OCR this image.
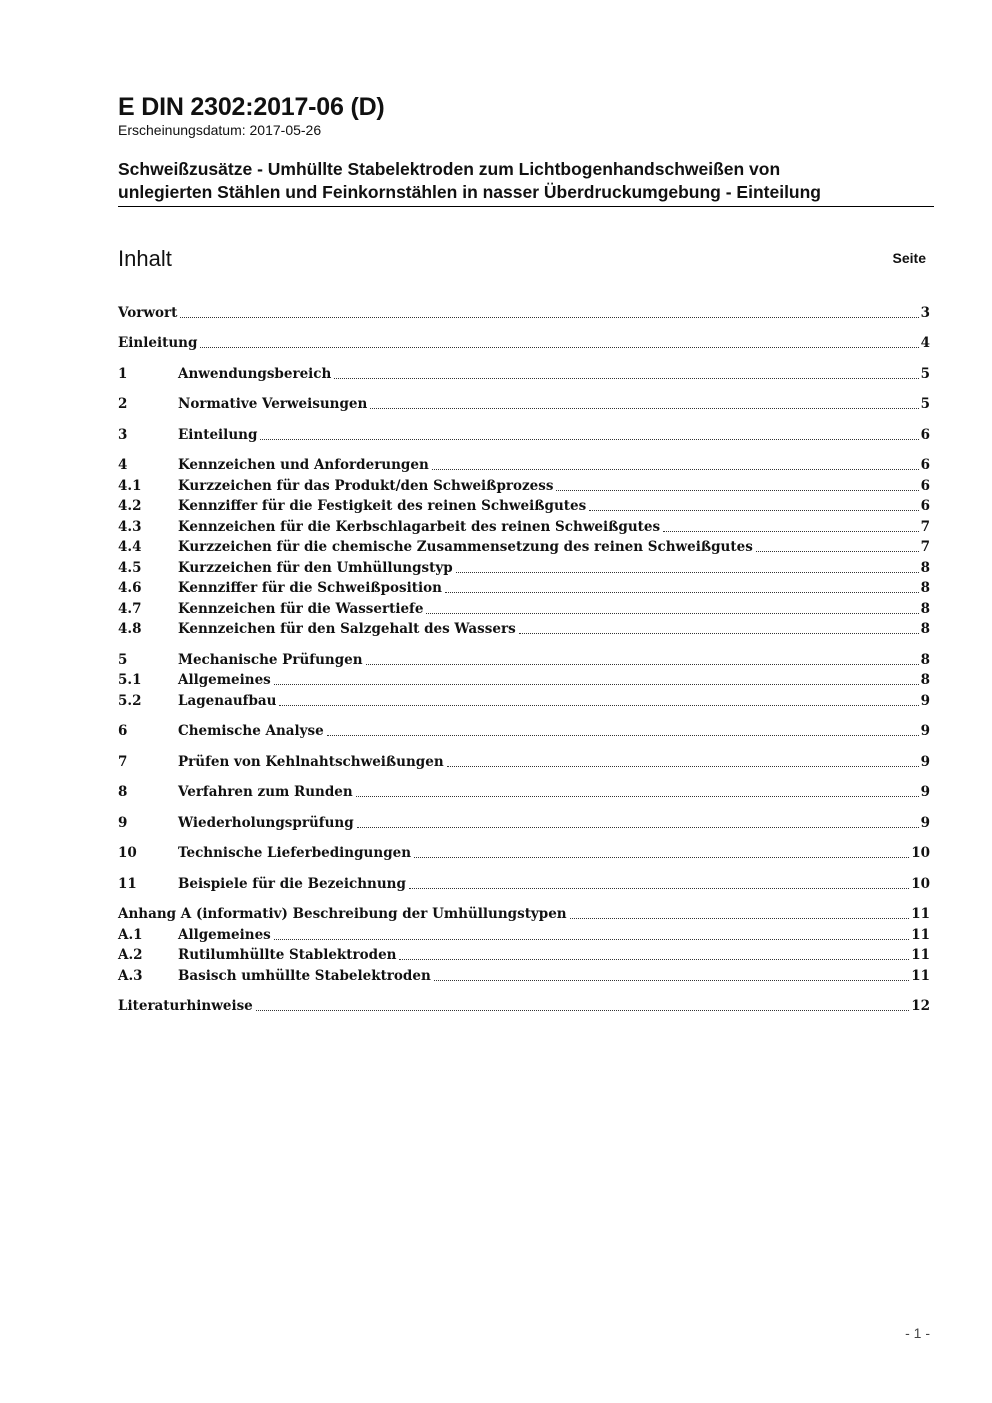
E DIN 2302:2017-06 (D)
Erscheinungsdatum: 2017-05-26
Schweißzusätze - Umhüllte Stabelektroden zum Lichtbogenhandschweißen von
unlegierten Stählen und Feinkornstählen in nasser Überdruckumgebung - Einteilung
Inhalt	Seite
Vorwort	3
Einleitung	4
1	Anwendungsbereich	5
2	Normative Verweisungen	5
3	Einteilung	6
4	Kennzeichen und Anforderungen	6
4.1	Kurzzeichen für das Produkt/den Schweißprozess	6
4.2	Kennziffer für die Festigkeit des reinen Schweißgutes	6
4.3	Kennzeichen für die Kerbschlagarbeit des reinen Schweißgutes	7
4.4	Kurzzeichen für die chemische Zusammensetzung des reinen Schweißgutes	7
4.5	Kurzzeichen für den Umhüllungstyp	8
4.6	Kennziffer für die Schweißposition	8
4.7	Kennzeichen für die Wassertiefe	8
4.8	Kennzeichen für den Salzgehalt des Wassers	8
5	Mechanische Prüfungen	8
5.1	Allgemeines	8
5.2	Lagenaufbau	9
6	Chemische Analyse	9
7	Prüfen von Kehlnahtschweißungen	9
8	Verfahren zum Runden	9
9	Wiederholungsprüfung	9
10	Technische Lieferbedingungen	10
11	Beispiele für die Bezeichnung	10
Anhang A (informativ) Beschreibung der Umhüllungstypen	11
A.1	Allgemeines	11
A.2	Rutilumhüllte Stablektroden	11
A.3	Basisch umhüllte Stabelektroden	11
Literaturhinweise	12
- 1 -
